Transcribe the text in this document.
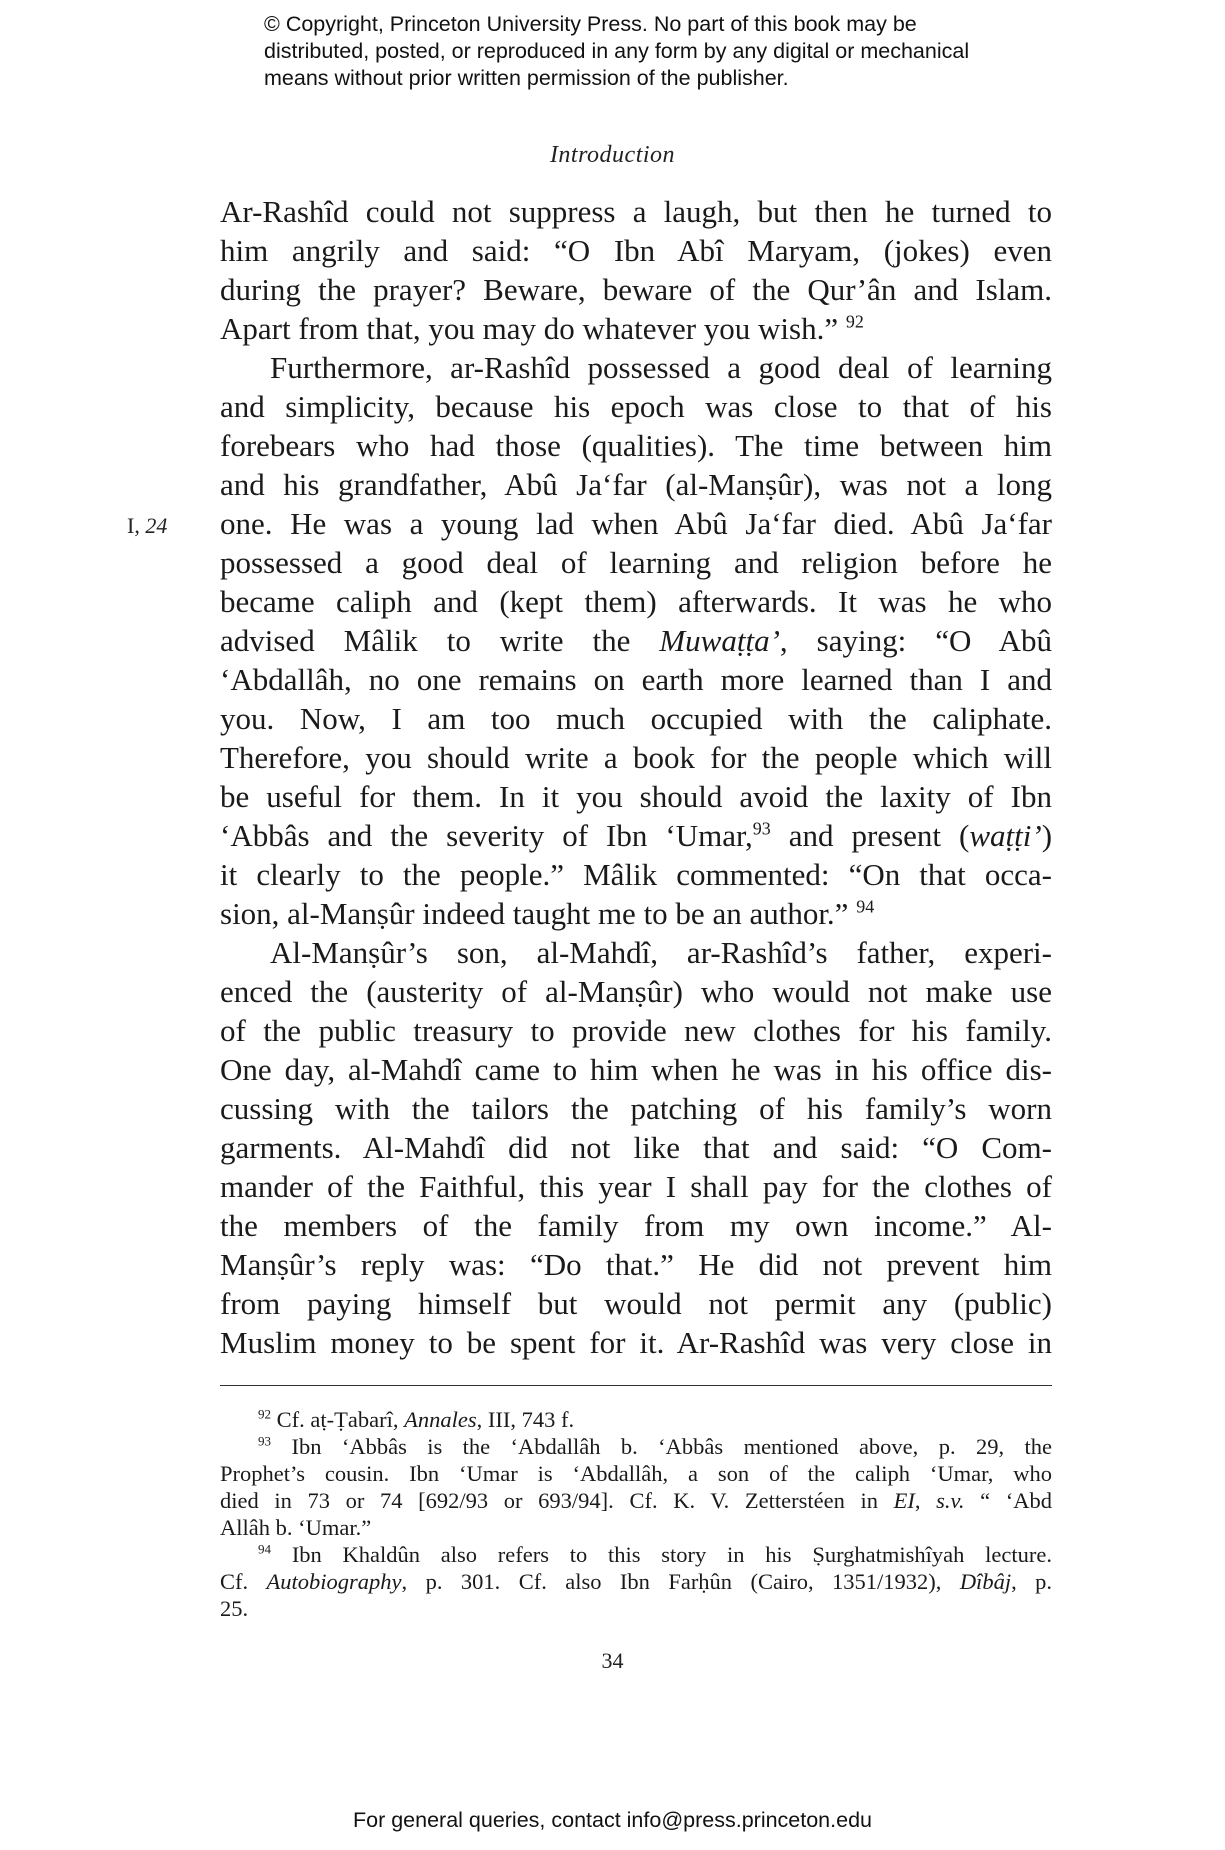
© Copyright, Princeton University Press. No part of this book may be
distributed, posted, or reproduced in any form by any digital or mechanical
means without prior written permission of the publisher.
Introduction
I, 24
Ar-Rashîd could not suppress a laugh, but then he turned to
him angrily and said: “O Ibn Abî Maryam, (jokes) even
during the prayer? Beware, beware of the Qur’ân and Islam.
Apart from that, you may do whatever you wish.” $^{92}$
Furthermore, ar-Rashîd possessed a good deal of learning
and simplicity, because his epoch was close to that of his
forebears who had those (qualities). The time between him
and his grandfather, Abû Ja‘far (al-Manṣûr), was not a long
one. He was a young lad when Abû Ja‘far died. Abû Ja‘far
possessed a good deal of learning and religion before he
became caliph and (kept them) afterwards. It was he who
advised Mâlik to write the Muwaṭṭa’, saying: “O Abû
‘Abdallâh, no one remains on earth more learned than I and
you. Now, I am too much occupied with the caliphate.
Therefore, you should write a book for the people which will
be useful for them. In it you should avoid the laxity of Ibn
‘Abbâs and the severity of Ibn ‘Umar,$^{93}$ and present (waṭṭi’)
it clearly to the people.” Mâlik commented: “On that occa-
sion, al-Manṣûr indeed taught me to be an author.” $^{94}$
Al-Manṣûr’s son, al-Mahdî, ar-Rashîd’s father, experi-
enced the (austerity of al-Manṣûr) who would not make use
of the public treasury to provide new clothes for his family.
One day, al-Mahdî came to him when he was in his office dis-
cussing with the tailors the patching of his family’s worn
garments. Al-Mahdî did not like that and said: “O Com-
mander of the Faithful, this year I shall pay for the clothes of
the members of the family from my own income.” Al-
Manṣûr’s reply was: “Do that.” He did not prevent him
from paying himself but would not permit any (public)
Muslim money to be spent for it. Ar-Rashîd was very close in
$^{92}$ Cf. aṭ-Ṭabarî, Annales, III, 743 f.
$^{93}$ Ibn ‘Abbâs is the ‘Abdallâh b. ‘Abbâs mentioned above, p. 29, the
Prophet’s cousin. Ibn ‘Umar is ‘Abdallâh, a son of the caliph ‘Umar, who
died in 73 or 74 [692/93 or 693/94]. Cf. K. V. Zetterstéen in EI, s.v. “ ‘Abd
Allâh b. ‘Umar.”
$^{94}$ Ibn Khaldûn also refers to this story in his Ṣurghatmishîyah lecture.
Cf. Autobiography, p. 301. Cf. also Ibn Farḥûn (Cairo, 1351/1932), Dîbâj, p.
25.
34
For general queries, contact info@press.princeton.edu
